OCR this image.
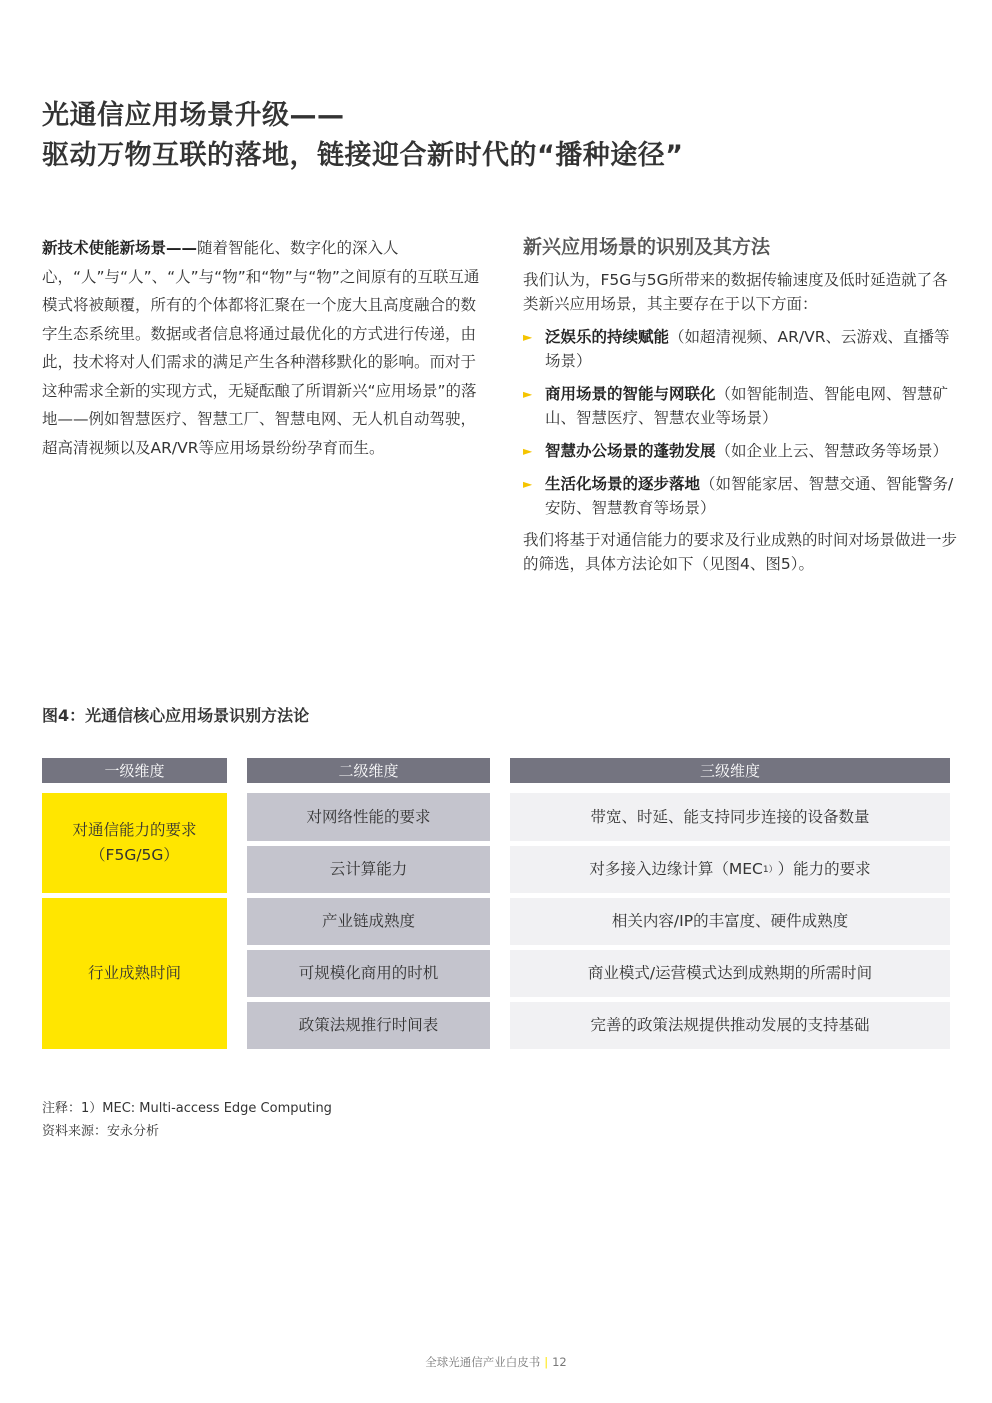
光通信应用场景升级——
驱动万物互联的落地，链接迎合新时代的“播种途径”
新技术使能新场景——随着智能化、数字化的深入人心，“人”与“人”、“人”与“物”和“物”与“物”之间原有的互联互通模式将被颠覆，所有的个体都将汇聚在一个庞大且高度融合的数字生态系统里。数据或者信息将通过最优化的方式进行传递，由此，技术将对人们需求的满足产生各种潜移默化的影响。而对于这种需求全新的实现方式，无疑酝酿了所谓新兴“应用场景”的落地——例如智慧医疗、智慧工厂、智慧电网、无人机自动驾驶，超高清视频以及AR/VR等应用场景纷纷孕育而生。
新兴应用场景的识别及其方法

我们认为，F5G与5G所带来的数据传输速度及低时延造就了各类新兴应用场景，其主要存在于以下方面：

► 泛娱乐的持续赋能（如超清视频、AR/VR、云游戏、直播等场景）
► 商用场景的智能与网联化（如智能制造、智能电网、智慧矿山、智慧医疗、智慧农业等场景）
► 智慧办公场景的蓬勃发展（如企业上云、智慧政务等场景）
► 生活化场景的逐步落地（如智能家居、智慧交通、智能警务/安防、智慧教育等场景）

我们将基于对通信能力的要求及行业成熟的时间对场景做进一步的筛选，具体方法论如下（见图4、图5）。

图4：光通信核心应用场景识别方法论
一级维度	二级维度	三级维度
对通信能力的要求
（F5G/5G）
行业成熟时间
对网络性能的要求
云计算能力
产业链成熟度
可规模化商用的时机
政策法规推行时间表
带宽、时延、能支持同步连接的设备数量
对多接入边缘计算（MEC 1） ）能力的要求
相关内容/IP的丰富度、硬件成熟度
商业模式/运营模式达到成熟期的所需时间
完善的政策法规提供推动发展的支持基础
注释：1）MEC: Multi-access Edge Computing
资料来源：安永分析
全球光通信产业白皮书 | 12
